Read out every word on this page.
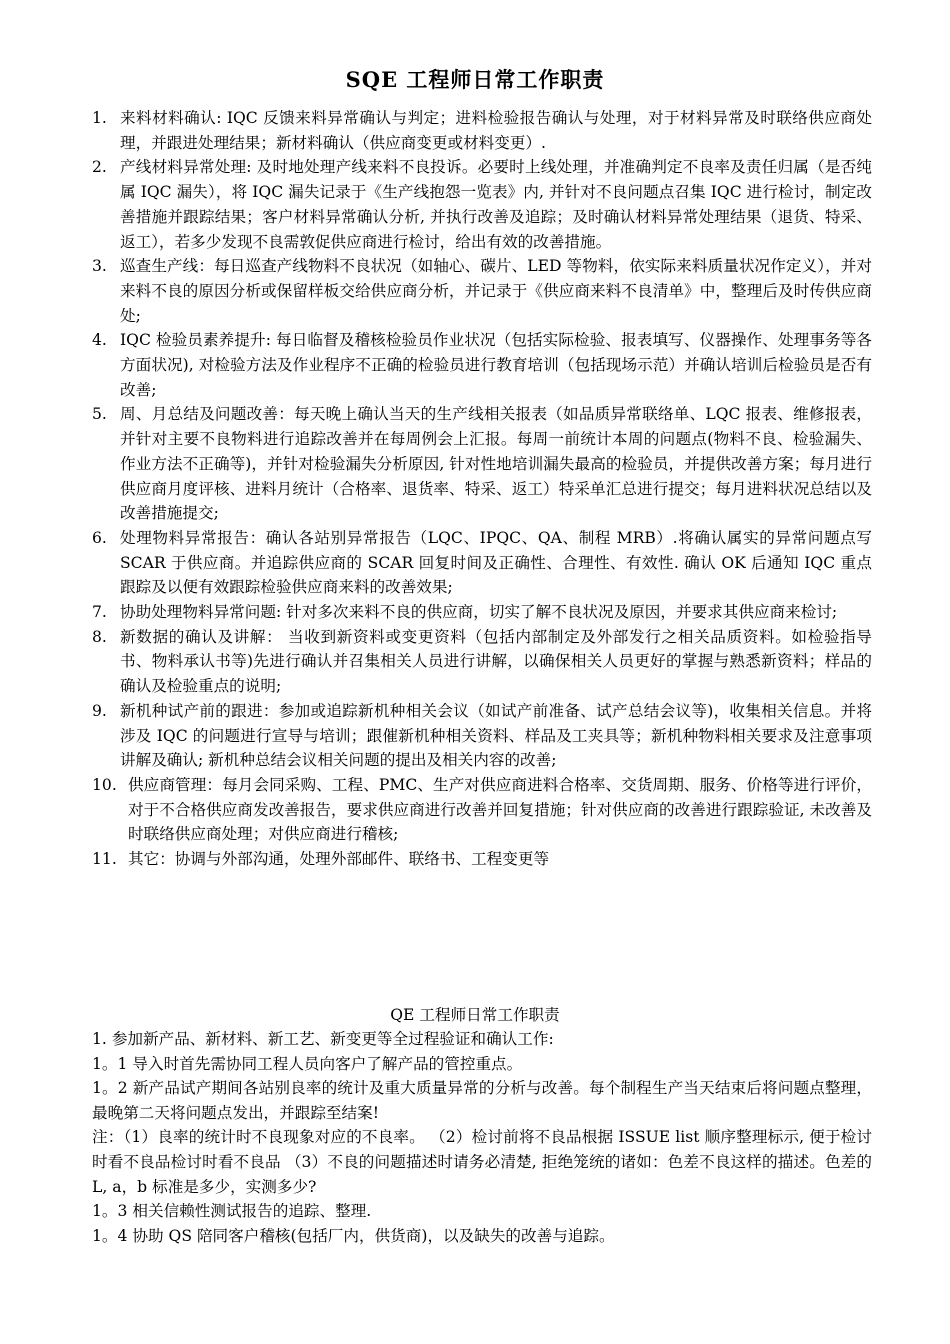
SQE 工程师日常工作职责
1. 来料材料确认: IQC 反馈来料异常确认与判定；进料检验报告确认与处理，对于材料异常及时联络供应商处理，并跟进处理结果；新材料确认（供应商变更或材料变更）.
2. 产线材料异常处理: 及时地处理产线来料不良投诉。必要时上线处理，并准确判定不良率及责任归属（是否纯属 IQC 漏失），将 IQC 漏失记录于《生产线抱怨一览表》内, 并针对不良问题点召集 IQC 进行检讨，制定改善措施并跟踪结果；客户材料异常确认分析, 并执行改善及追踪；及时确认材料异常处理结果（退货、特采、返工），若多少发现不良需敦促供应商进行检讨，给出有效的改善措施。
3. 巡查生产线：每日巡查产线物料不良状况（如轴心、碳片、LED 等物料，依实际来料质量状况作定义），并对来料不良的原因分析或保留样板交给供应商分析，并记录于《供应商来料不良清单》中，整理后及时传供应商处;
4. IQC 检验员素养提升: 每日临督及稽核检验员作业状况（包括实际检验、报表填写、仪器操作、处理事务等各方面状况), 对检验方法及作业程序不正确的检验员进行教育培训（包括现场示范）并确认培训后检验员是否有改善;
5. 周、月总结及问题改善：每天晚上确认当天的生产线相关报表（如品质异常联络单、LQC 报表、维修报表，并针对主要不良物料进行追踪改善并在每周例会上汇报。每周一前统计本周的问题点(物料不良、检验漏失、作业方法不正确等)，并针对检验漏失分析原因, 针对性地培训漏失最高的检验员，并提供改善方案；每月进行供应商月度评核、进料月统计（合格率、退货率、特采、返工）特采单汇总进行提交；每月进料状况总结以及改善措施提交;
6. 处理物料异常报告：确认各站别异常报告（LQC、IPQC、QA、制程 MRB）.将确认属实的异常问题点写 SCAR 于供应商。并追踪供应商的 SCAR 回复时间及正确性、合理性、有效性. 确认 OK 后通知 IQC 重点跟踪及以便有效跟踪检验供应商来料的改善效果;
7. 协助处理物料异常问题: 针对多次来料不良的供应商，切实了解不良状况及原因，并要求其供应商来检讨;
8. 新数据的确认及讲解： 当收到新资料或变更资料（包括内部制定及外部发行之相关品质资料。如检验指导书、物料承认书等)先进行确认并召集相关人员进行讲解，以确保相关人员更好的掌握与熟悉新资料；样品的确认及检验重点的说明;
9. 新机种试产前的跟进：参加或追踪新机种相关会议（如试产前准备、试产总结会议等)，收集相关信息。并将涉及 IQC 的问题进行宣导与培训；跟催新机种相关资料、样品及工夹具等；新机种物料相关要求及注意事项讲解及确认; 新机种总结会议相关问题的提出及相关内容的改善;
10. 供应商管理：每月会同采购、工程、PMC、生产对供应商进料合格率、交货周期、服务、价格等进行评价，对于不合格供应商发改善报告，要求供应商进行改善并回复措施；针对供应商的改善进行跟踪验证, 未改善及时联络供应商处理；对供应商进行稽核;
11. 其它：协调与外部沟通，处理外部邮件、联络书、工程变更等
QE 工程师日常工作职责
1. 参加新产品、新材料、新工艺、新变更等全过程验证和确认工作:
1。1 导入时首先需协同工程人员向客户了解产品的管控重点。
1。2 新产品试产期间各站别良率的统计及重大质量异常的分析与改善。每个制程生产当天结束后将问题点整理，最晚第二天将问题点发出，并跟踪至结案!
注：（1）良率的统计时不良现象对应的不良率。 （2）检讨前将不良品根据 ISSUE list 顺序整理标示, 便于检讨时看不良品检讨时看不良品 （3）不良的问题描述时请务必清楚, 拒绝笼统的诸如：色差不良这样的描述。色差的 L, a，b 标准是多少，实测多少?
1。3 相关信赖性测试报告的追踪、整理.
1。4 协助 QS 陪同客户稽核(包括厂内，供货商)，以及缺失的改善与追踪。
